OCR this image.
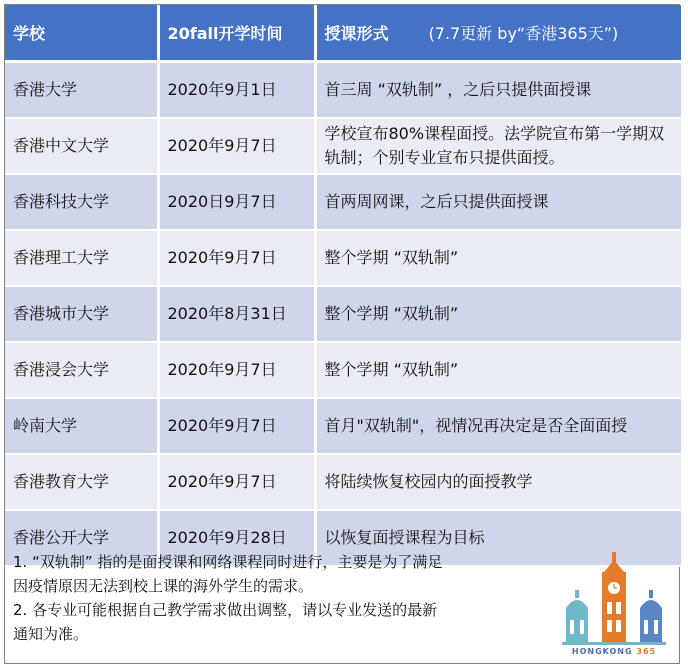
学校	20fall开学时间	授课形式 (7.7更新 by“香港365天”)
香港大学	2020年9月1日	首三周 “双轨制” ，之后只提供面授课
香港中文大学	2020年9月7日	学校宣布80%课程面授。法学院宣布第一学期双轨制；个别专业宣布只提供面授。
香港科技大学	2020日9月7日	首两周网课，之后只提供面授课
香港理工大学	2020年9月7日	整个学期 “双轨制”
香港城市大学	2020年8月31日	整个学期 “双轨制”
香港浸会大学	2020年9月7日	整个学期 “双轨制”
岭南大学	2020年9月7日	首月"双轨制"，视情况再决定是否全面面授
香港教育大学	2020年9月7日	将陆续恢复校园内的面授教学
香港公开大学	2020年9月28日	以恢复面授课程为目标
1. “双轨制” 指的是面授课和网络课程同时进行，主要是为了满足
因疫情原因无法到校上课的海外学生的需求。
2. 各专业可能根据自己教学需求做出调整，请以专业发送的最新
通知为准。
HONGKONG 365
